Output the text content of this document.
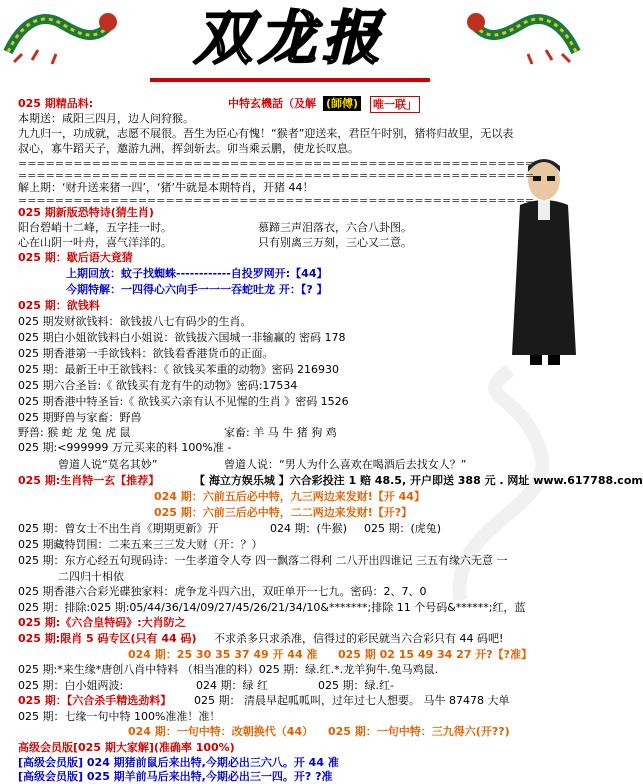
双龙报
025 期精品料:	中特玄機話（及解 (師傅) 唯一联」
本期送：咸阳三四月，边人问狩猴。
九九归一，功成就，志愿不展很。吾生为臣心有愧！“猴者”迎送来，君臣午时别，猪将归故里，无以表
叔心，寡牛蹈天子，邀游九洲，挥剑斩去。卯当乘云鹏，使龙长叹息。
========================================================
========================================================
解上期：‘财升送来猪一四’，‘猪’牛就是本期特肖，开猪 44！
========================================================
025 期新版恐特诗(猜生肖)
阳台碧峭十二峰，五字挂一时。	慕蹄三声泪落衣，六合八卦图。
心在山阴一叶舟，喜气洋洋的。	只有别离三万刻，三心又二意。
025 期：歇后语大竟猜
上期回放：蚊子找蜘蛛------------自投罗网开:【44】
今期特解：一四得心六向手一一一吞蛇吐龙 开：【? 】
025 期：欲钱料
025 期发财欲钱料：欲钱拔八七有码少的生肖。
025 期白小姐欲钱料白小姐说：欲钱拔六国城一非输赢的 密码 178
025 期香港第一手欲钱料：欲钱看香港货币的正面。
025 期：最新王中王欲钱料：《 欲钱买苯重的动物》密码 216930
025 期六合圣旨:《 欲钱买有龙有牛的动物》密码:17534
025 期香港中特圣旨:《 欲钱买六亲有认不见惺的生肖 》密码 1526
025 期野兽与家畜：野兽
野兽: 猴 蛇 龙 兔 虎 鼠	家畜: 羊 马 牛 猪 狗 鸡
025 期:<999999 万元买来的料 100%准 -
曾道人说“莫名其妙”	曾道人说：“男人为什么喜欢在喝酒后去找女人？”
025 期:生肖特一玄【推荐】	【 海立方娱乐城 】六合彩投注 1 赔 48.5, 开户即送 388 元 . 网址 www.617788.com
024 期：六前五后必中特，九三两边来发财!【开 44】
025 期：六前三后必中特，二二两边来发财!【开?】
025 期：曾女士不出生肖《期期更新》开	024 期：(牛猴) 025 期：(虎兔)
025 期藏特罚围：二来五来三三发大财（开：？）
025 期：东方心经五句现码诗：一生孝道令人夸 四一飘落二得利 二八开出四谁记 三五有缘六无意 一
二四归十相依
025 期香港六合彩光碟独家料：虎争龙斗四六出，双旺单开一七九。密码：2、7、0
025 期：排除:025 期:05/44/36/14/09/27/45/26/21/34/10&*******;排除 11 个号码&******;红，蓝
025 期:《六合皇特码》:大肖防之
025 期:限肖 5 码专区(只有 44 码) 不求杀多只求杀准，信得过的彩民就当六合彩只有 44 码吧!
024 期：25 30 35 37 49 开 44 准 025 期 02 15 49 34 27 开?【?准】
025 期:*来生缘*唐创八肖中特料 （相当准的料）025 期：绿.红.*.龙羊狗牛.兔马鸡鼠.
025 期：白小姐两波:	024 期：绿 红	025 期：绿.红-
025 期：【六合杀手精选劲料】 025 期： 清晨早起呱呱叫，过年过七人想要。 马牛 87478 大单
025 期：七缘一句中特 100%准准！准！
024 期：一句中特：改朝换代（44） 025 期：一句中特：三九得六(开??)
高级会员版[025 期大家解](准确率 100%)
[高级会员版] 024 期猪前鼠后来出特,今期必出三六八。开 44 准
[高级会员版] 025 期羊前马后来出特,今期必出三一四。开? ?准
